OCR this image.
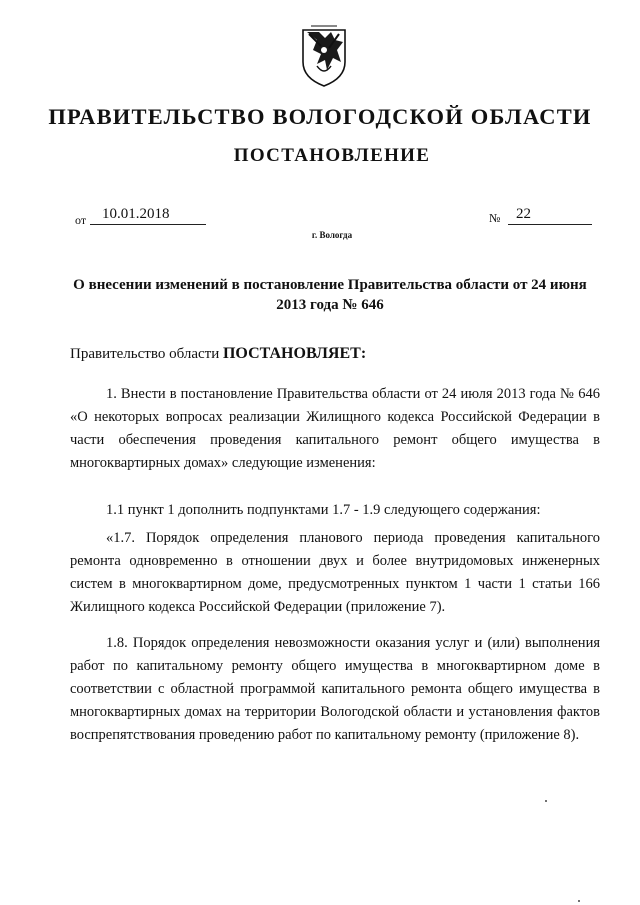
ПРАВИТЕЛЬСТВО ВОЛОГОДСКОЙ ОБЛАСТИ
ПОСТАНОВЛЕНИЕ
от	10.01.2018	№	22
г. Вологда
О внесении изменений в постановление Правительства области от 24 июня 2013 года № 646
Правительство области ПОСТАНОВЛЯЕТ:

1. Внести в постановление Правительства области от 24 июля 2013 года № 646 «О некоторых вопросах реализации Жилищного кодекса Российской Федерации в части обеспечения проведения капитального ремонт общего имущества в многоквартирных домах» следующие изменения:

1.1 пункт 1 дополнить подпунктами 1.7 - 1.9 следующего содержания:

«1.7. Порядок определения планового периода проведения капитального ремонта одновременно в отношении двух и более внутридомовых инженерных систем в многоквартирном доме, предусмотренных пунктом 1 части 1 статьи 166 Жилищного кодекса Российской Федерации (приложение 7).

1.8. Порядок определения невозможности оказания услуг и (или) выполнения работ по капитальному ремонту общего имущества в многоквартирном доме в соответствии с областной программой капитального ремонта общего имущества в многоквартирных домах на территории Вологодской области и установления фактов воспрепятствования проведению работ по капитальному ремонту (приложение 8).
